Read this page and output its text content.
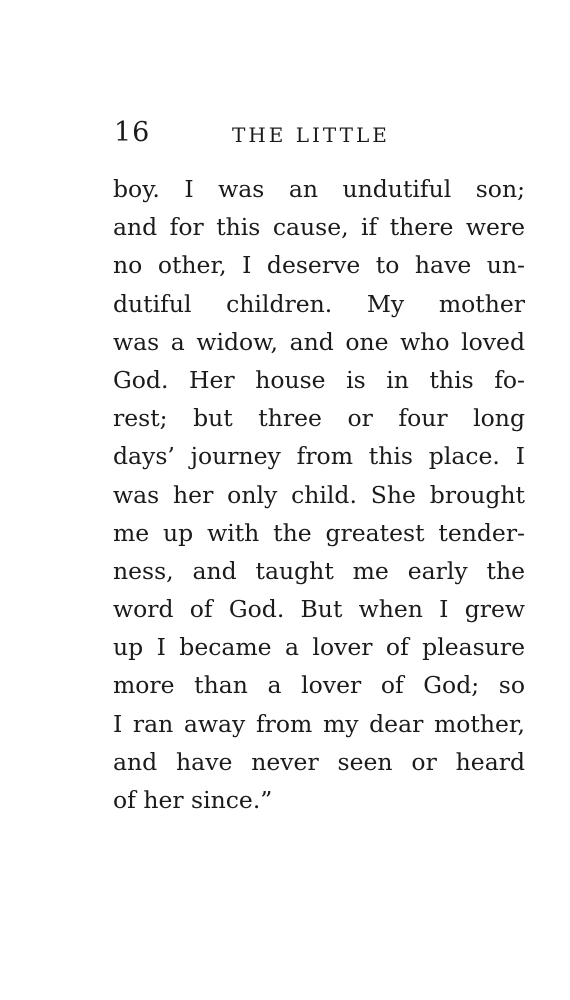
16	THE LITTLE
boy. I was an undutiful son;
and for this cause, if there were
no other, I deserve to have un-
dutiful children. My mother
was a widow, and one who loved
God. Her house is in this fo-
rest; but three or four long
days’ journey from this place. I
was her only child. She brought
me up with the greatest tender-
ness, and taught me early the
word of God. But when I grew
up I became a lover of pleasure
more than a lover of God; so
I ran away from my dear mother,
and have never seen or heard
of her since.”
